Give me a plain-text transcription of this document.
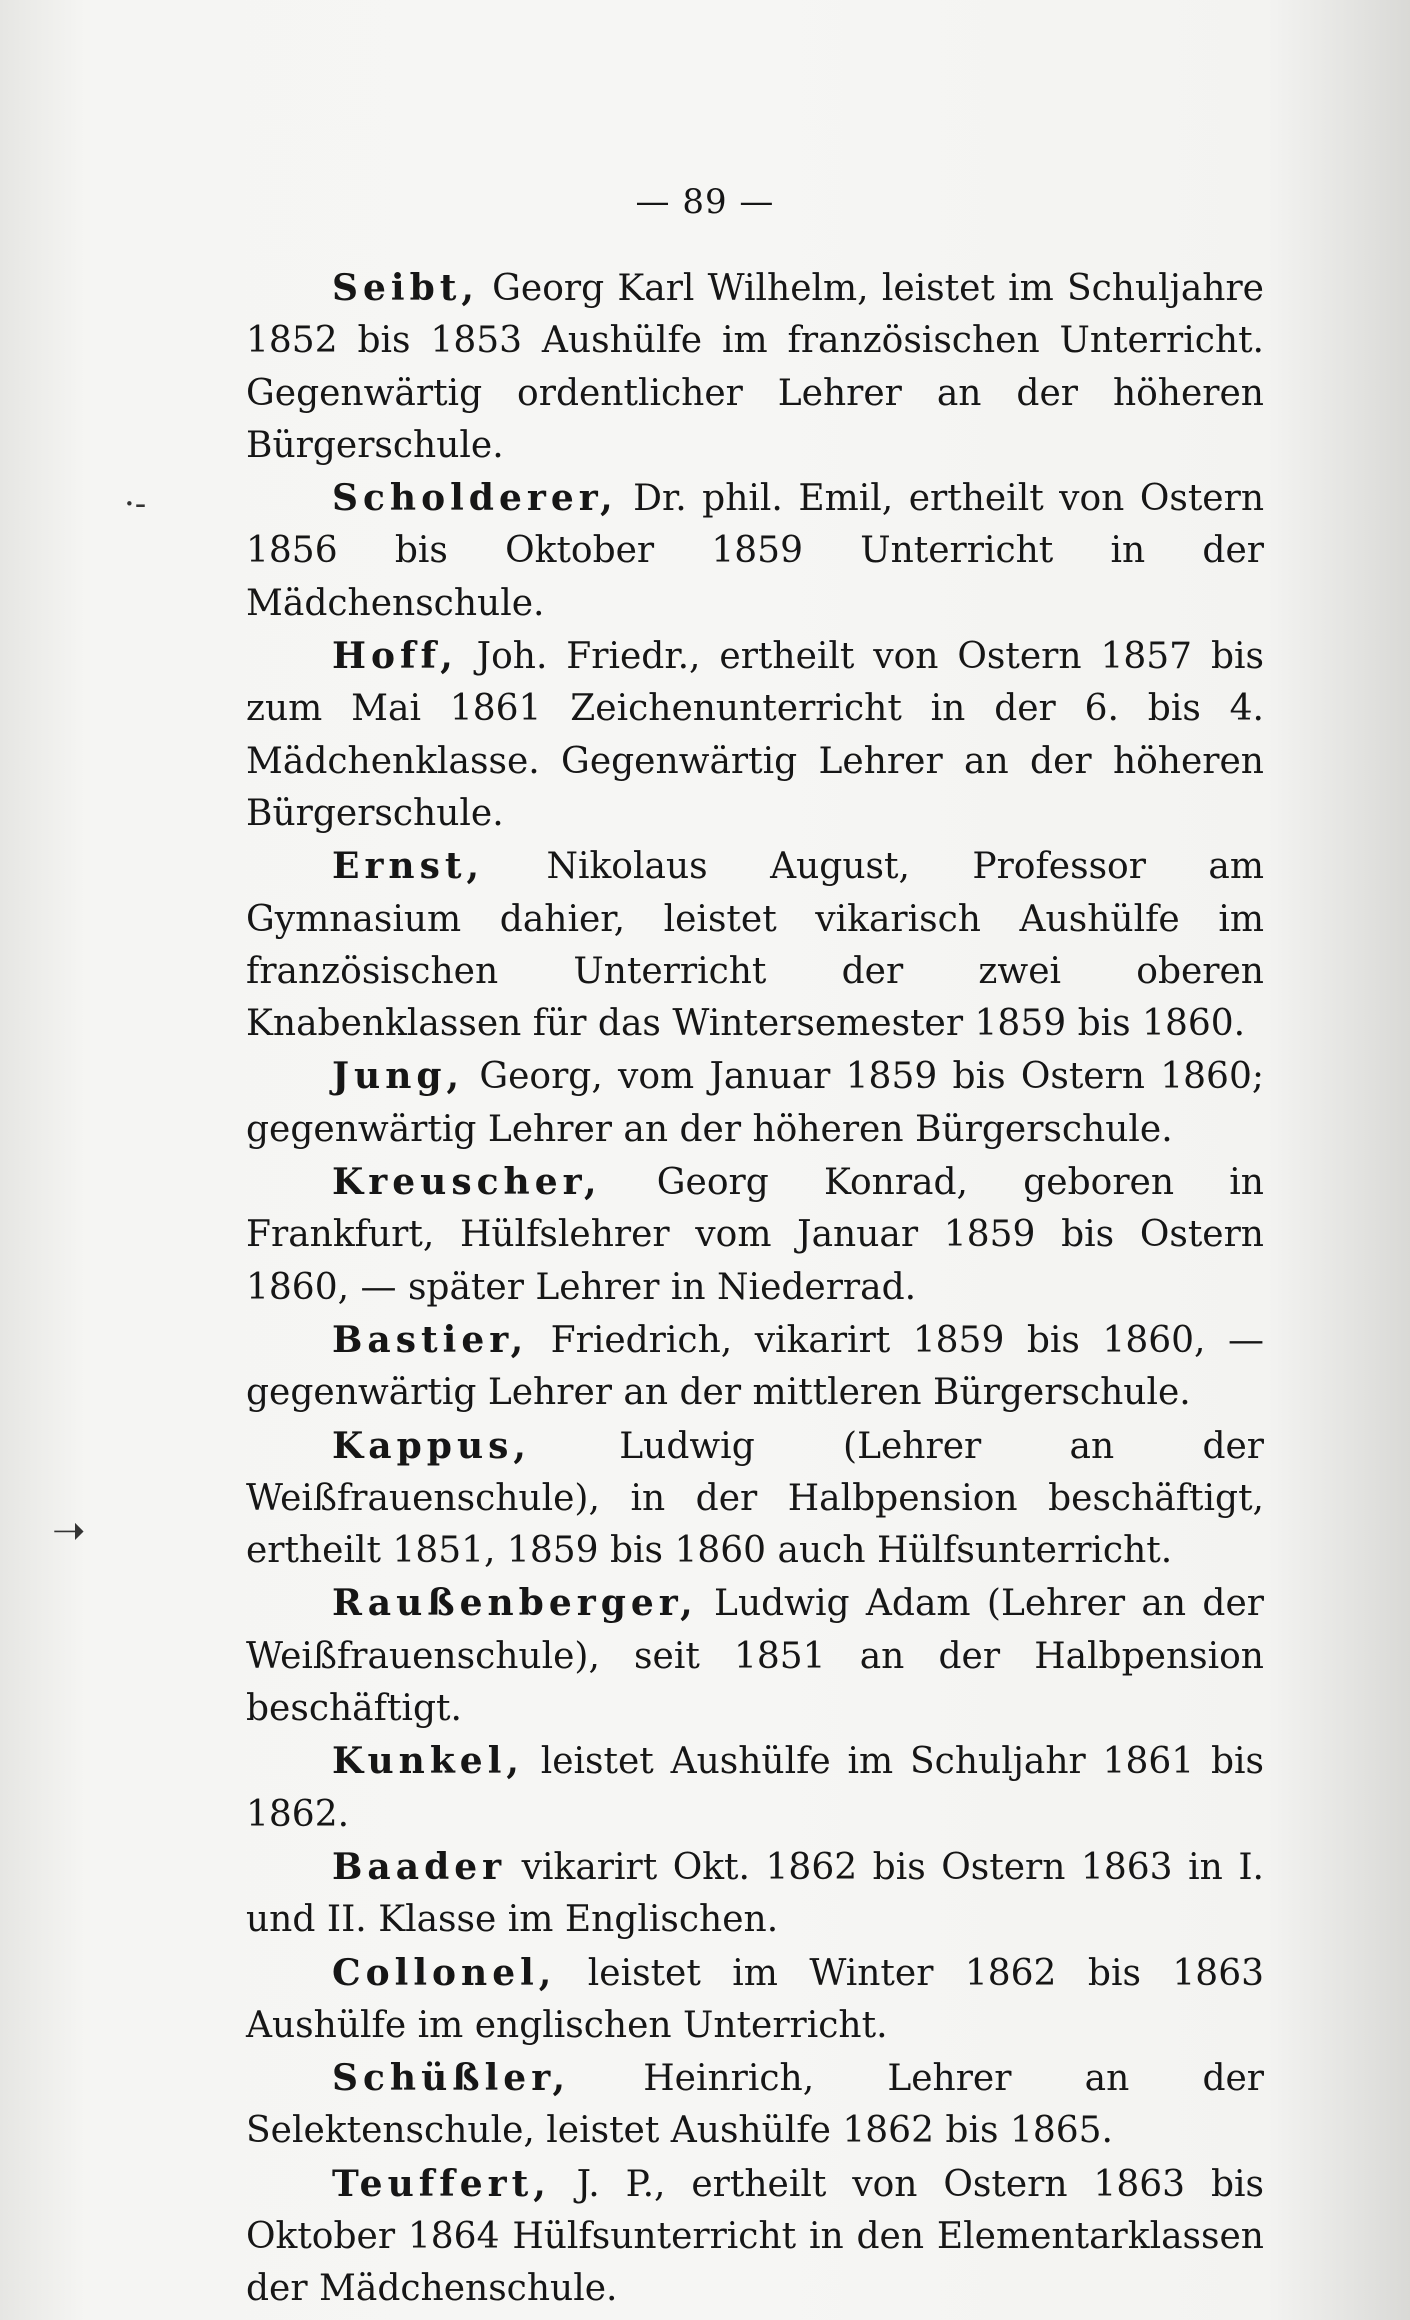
— 89 —
·‐
➝

Seibt, Georg Karl Wilhelm, leistet im Schuljahre 1852 bis 1853 Aushülfe im französischen Unterricht. Gegenwärtig ordentlicher Lehrer an der höheren Bürgerschule.

Scholderer, Dr. phil. Emil, ertheilt von Ostern 1856 bis Oktober 1859 Unterricht in der Mädchenschule.

Hoff, Joh. Friedr., ertheilt von Ostern 1857 bis zum Mai 1861 Zeichenunterricht in der 6. bis 4. Mädchenklasse. Gegenwärtig Lehrer an der höheren Bürgerschule.

Ernst, Nikolaus August, Professor am Gymnasium dahier, leistet vikarisch Aushülfe im französischen Unterricht der zwei oberen Knabenklassen für das Wintersemester 1859 bis 1860.

Jung, Georg, vom Januar 1859 bis Ostern 1860; gegenwärtig Lehrer an der höheren Bürgerschule.

Kreuscher, Georg Konrad, geboren in Frankfurt, Hülfslehrer vom Januar 1859 bis Ostern 1860, — später Lehrer in Niederrad.

Bastier, Friedrich, vikarirt 1859 bis 1860, — gegenwärtig Lehrer an der mittleren Bürgerschule.

Kappus, Ludwig (Lehrer an der Weißfrauenschule), in der Halbpension beschäftigt, ertheilt 1851, 1859 bis 1860 auch Hülfsunterricht.

Raußenberger, Ludwig Adam (Lehrer an der Weißfrauenschule), seit 1851 an der Halbpension beschäftigt.

Kunkel, leistet Aushülfe im Schuljahr 1861 bis 1862.

Baader vikarirt Okt. 1862 bis Ostern 1863 in I. und II. Klasse im Englischen.

Collonel, leistet im Winter 1862 bis 1863 Aushülfe im englischen Unterricht.

Schüßler, Heinrich, Lehrer an der Selektenschule, leistet Aushülfe 1862 bis 1865.

Teuffert, J. P., ertheilt von Ostern 1863 bis Oktober 1864 Hülfsunterricht in den Elementarklassen der Mädchenschule.
